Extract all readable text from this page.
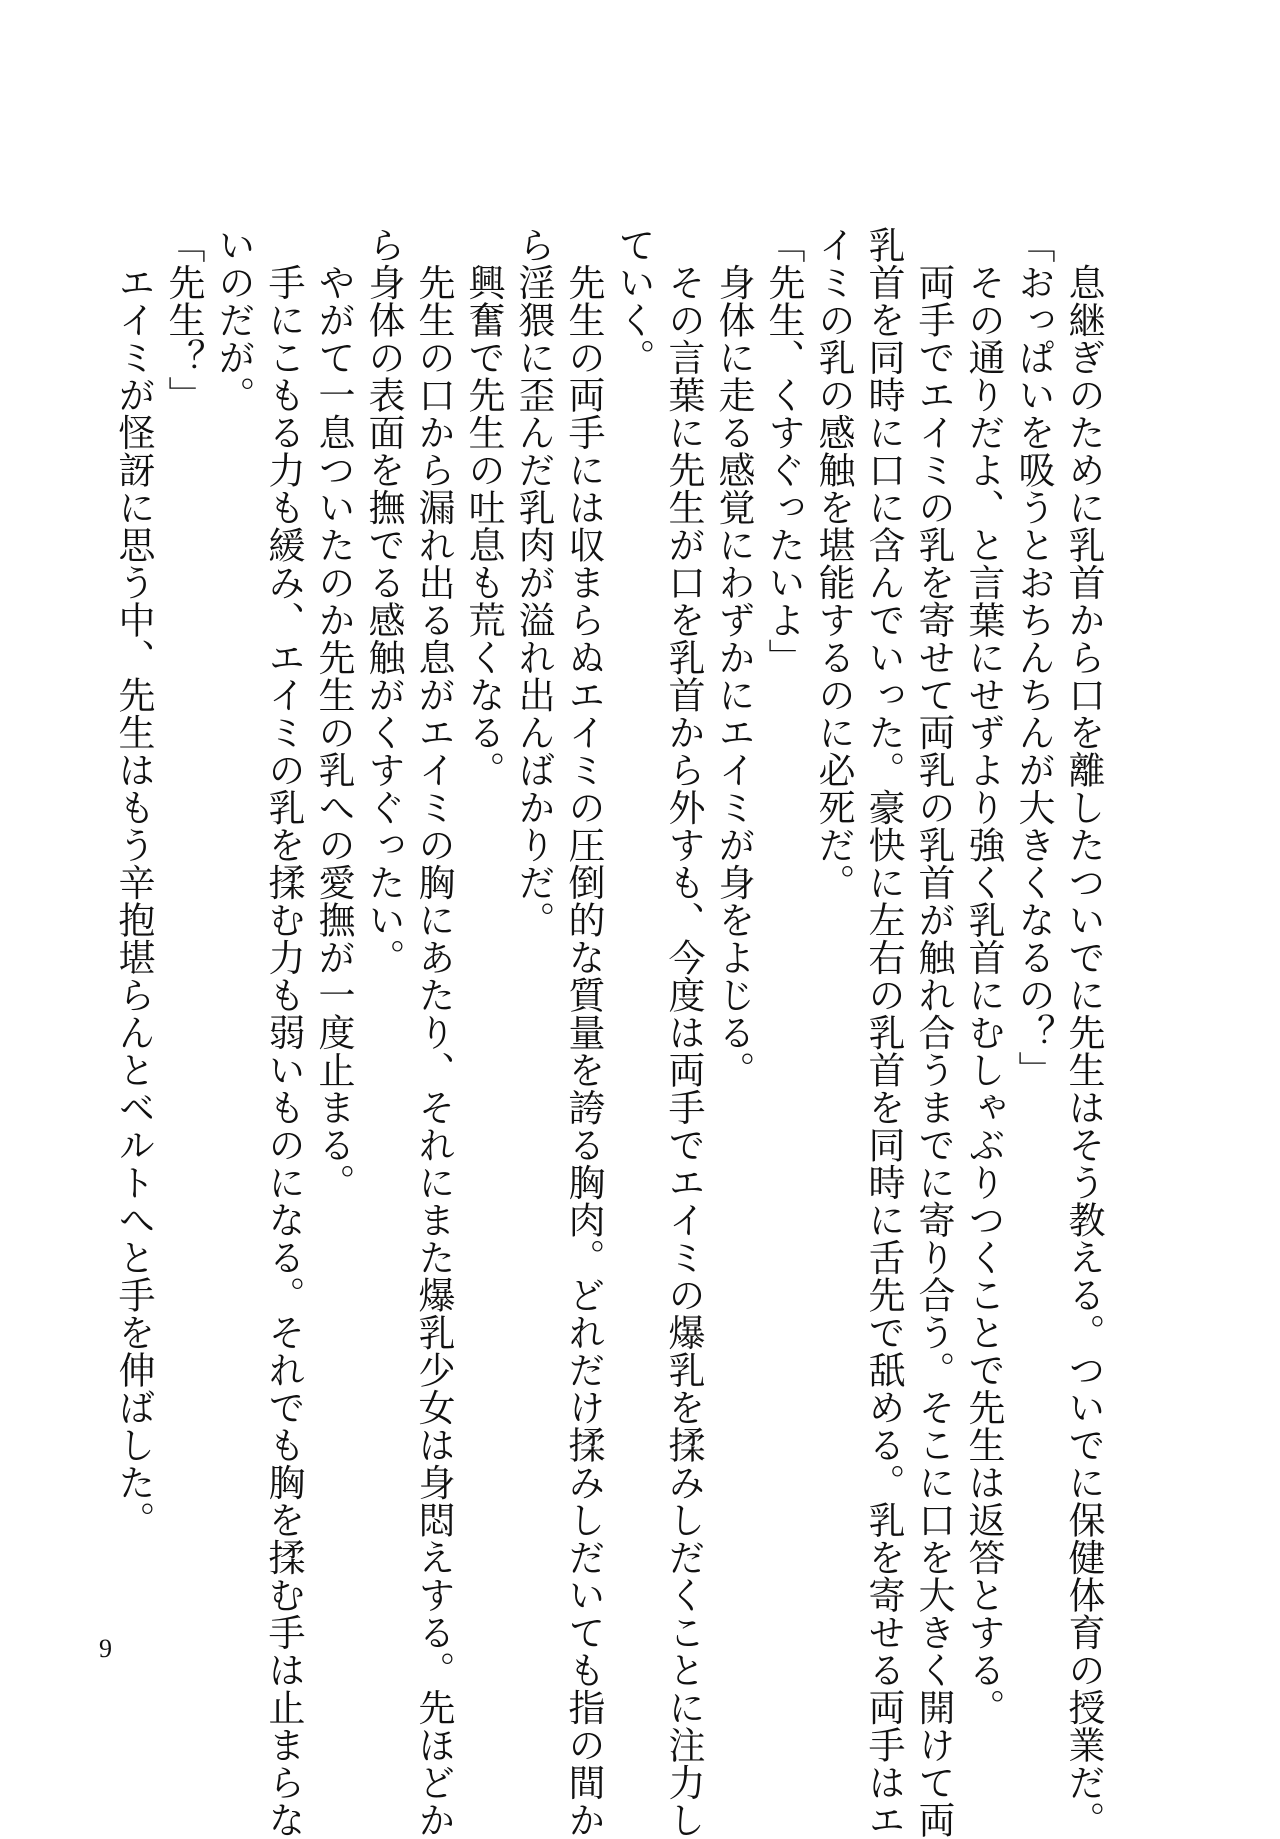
　息継ぎのために乳首から口を離したついでに先生はそう教える。ついでに保健体育の授業だ。
「おっぱいを吸うとおちんちんが大きくなるの？」
　その通りだよ、と言葉にせずより強く乳首にむしゃぶりつくことで先生は返答とする。
　両手でエイミの乳を寄せて両乳の乳首が触れ合うまでに寄り合う。そこに口を大きく開けて両
乳首を同時に口に含んでいった。豪快に左右の乳首を同時に舌先で舐める。乳を寄せる両手はエ
イミの乳の感触を堪能するのに必死だ。
「先生、くすぐったいよ」
　身体に走る感覚にわずかにエイミが身をよじる。
　その言葉に先生が口を乳首から外すも、今度は両手でエイミの爆乳を揉みしだくことに注力し
ていく。
　先生の両手には収まらぬエイミの圧倒的な質量を誇る胸肉。どれだけ揉みしだいても指の間か
ら淫猥に歪んだ乳肉が溢れ出んばかりだ。
　興奮で先生の吐息も荒くなる。
　先生の口から漏れ出る息がエイミの胸にあたり、それにまた爆乳少女は身悶えする。先ほどか
ら身体の表面を撫でる感触がくすぐったい。
　やがて一息ついたのか先生の乳への愛撫が一度止まる。
　手にこもる力も緩み、エイミの乳を揉む力も弱いものになる。それでも胸を揉む手は止まらな
いのだが。
「先生？」
　エイミが怪訝に思う中、先生はもう辛抱堪らんとベルトへと手を伸ばした。
9
